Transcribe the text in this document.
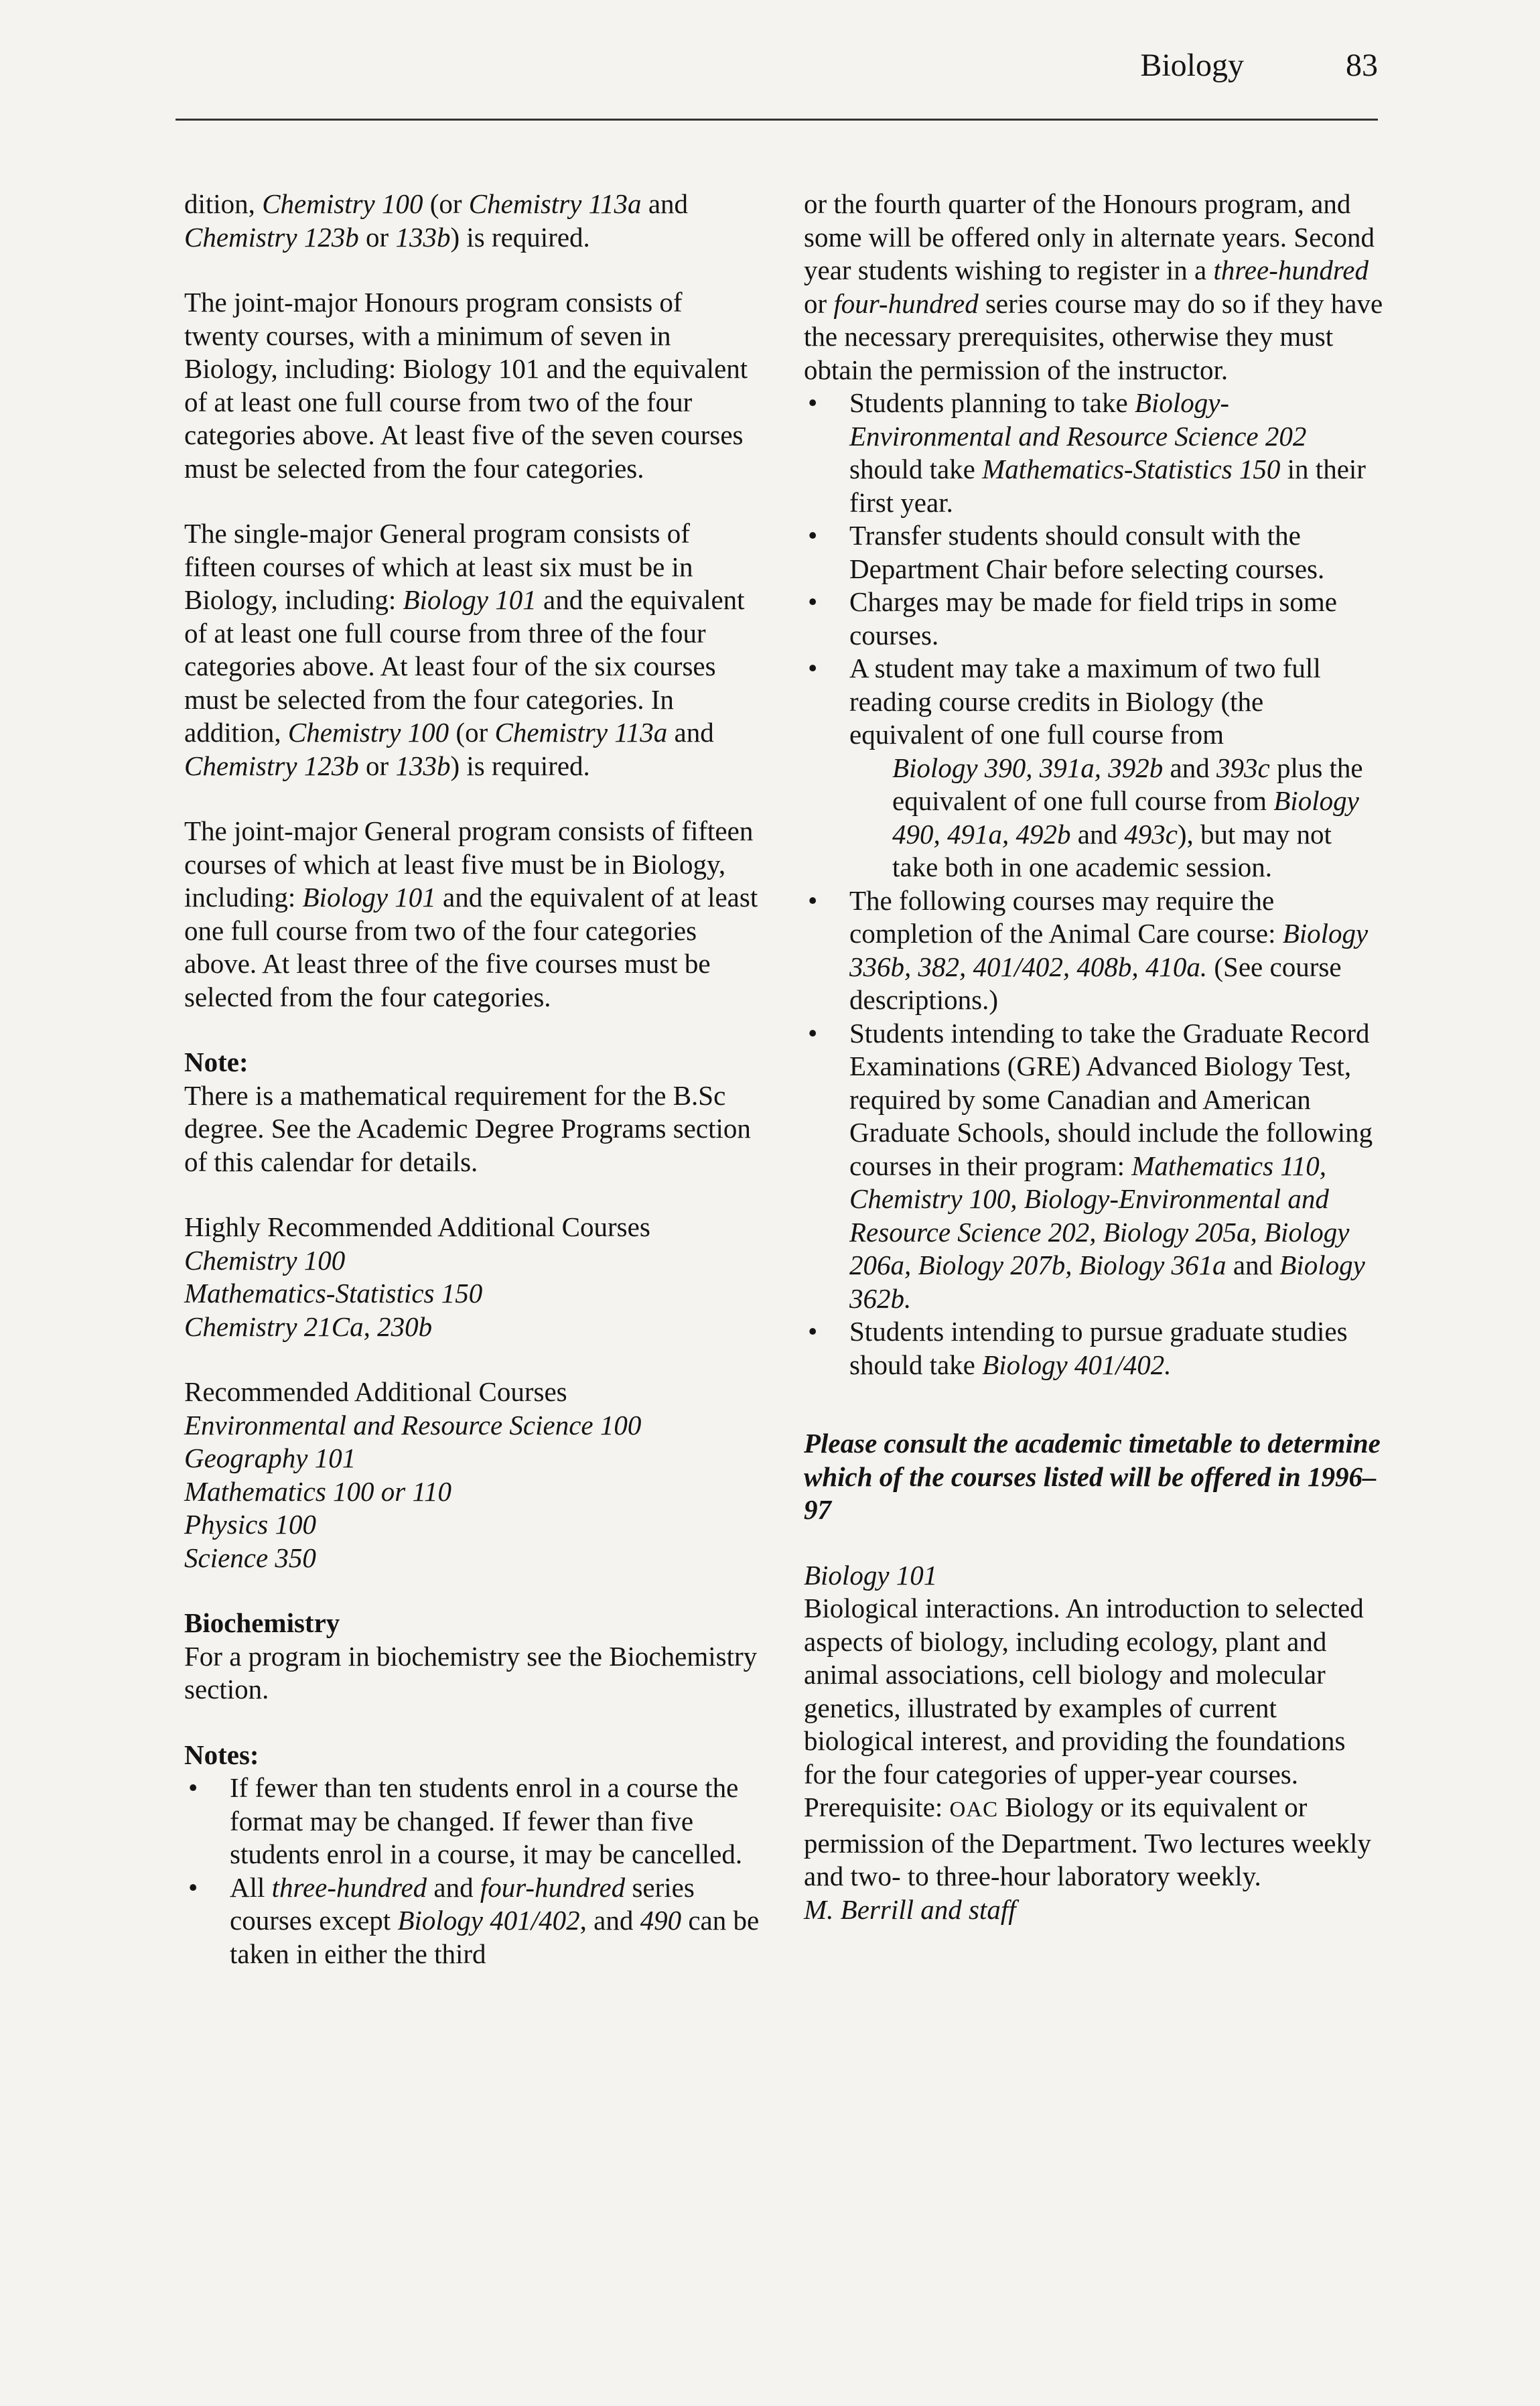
Biology	83

dition, Chemistry 100 (or Chemistry 113a and Chemistry 123b or 133b) is required.

The joint-major Honours program consists of twenty courses, with a minimum of seven in Biology, including: Biology 101 and the equivalent of at least one full course from two of the four categories above. At least five of the seven courses must be selected from the four categories.

The single-major General program consists of fifteen courses of which at least six must be in Biology, including: Biology 101 and the equivalent of at least one full course from three of the four categories above. At least four of the six courses must be selected from the four categories. In addition, Chemistry 100 (or Chemistry 113a and Chemistry 123b or 133b) is required.

The joint-major General program consists of fifteen courses of which at least five must be in Biology, including: Biology 101 and the equivalent of at least one full course from two of the four categories above. At least three of the five courses must be selected from the four categories.

Note:
There is a mathematical requirement for the B.Sc degree. See the Academic Degree Programs section of this calendar for details.
Highly Recommended Additional Courses
Chemistry 100
Mathematics-Statistics 150
Chemistry 21Ca, 230b
Recommended Additional Courses
Environmental and Resource Science 100
Geography 101
Mathematics 100 or 110
Physics 100
Science 350
Biochemistry
For a program in biochemistry see the Biochemistry section.
Notes:
• If fewer than ten students enrol in a course the format may be changed. If fewer than five students enrol in a course, it may be cancelled.
• All three-hundred and four-hundred series courses except Biology 401/402, and 490 can be taken in either the third

or the fourth quarter of the Honours program, and some will be offered only in alternate years. Second year students wishing to register in a three-hundred or four-hundred series course may do so if they have the necessary prerequisites, otherwise they must obtain the permission of the instructor.

• Students planning to take Biology-Environmental and Resource Science 202 should take Mathematics-Statistics 150 in their first year.
• Transfer students should consult with the Department Chair before selecting courses.
• Charges may be made for field trips in some courses.
• A student may take a maximum of two full reading course credits in Biology (the equivalent of one full course from
Biology 390, 391a, 392b and 393c plus the equivalent of one full course from Biology 490, 491a, 492b and 493c), but may not take both in one academic session.
• The following courses may require the completion of the Animal Care course: Biology 336b, 382, 401/402, 408b, 410a. (See course descriptions.)
• Students intending to take the Graduate Record Examinations (GRE) Advanced Biology Test, required by some Canadian and American Graduate Schools, should include the following courses in their program: Mathematics 110, Chemistry 100, Biology-Environmental and Resource Science 202, Biology 205a, Biology 206a, Biology 207b, Biology 361a and Biology 362b.
• Students intending to pursue graduate studies should take Biology 401/402.

Please consult the academic timetable to determine which of the courses listed will be offered in 1996–97

Biology 101
Biological interactions. An introduction to selected aspects of biology, including ecology, plant and animal associations, cell biology and molecular genetics, illustrated by examples of current biological interest, and providing the foundations for the four categories of upper-year courses. Prerequisite: OAC Biology or its equivalent or permission of the Department. Two lectures weekly and two- to three-hour laboratory weekly.
M. Berrill and staff
